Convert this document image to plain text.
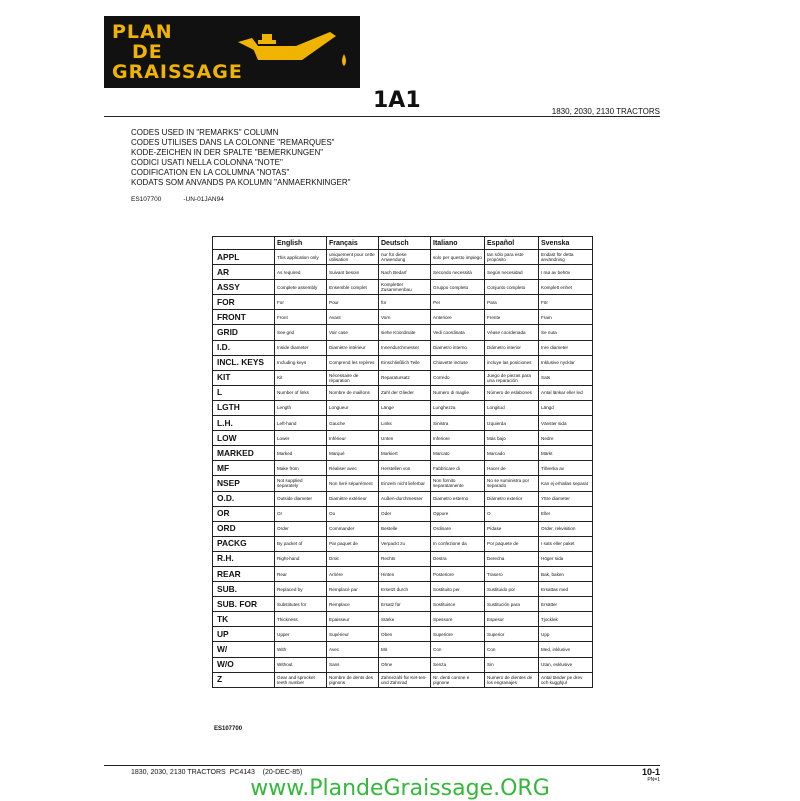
PLAN
DE
GRAISSAGE
1A1	1830, 2030, 2130 TRACTORS
CODES USED IN "REMARKS" COLUMN
CODES UTILISES DANS LA COLONNE "REMARQUES"
KODE-ZEICHEN IN DER SPALTE "BEMERKUNGEN"
CODICI USATI NELLA COLONNA "NOTE"
CODIFICATION EN LA COLUMNA "NOTAS"
KODATS SOM ANVANDS PA KOLUMN "ANMAERKNINGER"
ES107700	-UN-01JAN94
	English	Français	Deutsch	Italiano	Español	Svenska
APPL	This application only	uniquement pour cette utilisation	nur für diese Anwendung	solo per questo impiego	tan sólo para este propósito	Endast för detta användning
AR	As required	Suivant besoin	Nach Bedarf	Secondo necessità	Según necesidad	I mø av behöv
ASSY	Complete assembly	Ensemble complet	Kompletter Zusammenbau	Gruppo completo	Conjunto completo	Komplett enhet
FOR	For	Pour	für	Per	Para	För
FRONT	Front	Avant	Vorn	Anteriore	Frente	Fram
GRID	See grid	Voir case	siehe Koordinate	Vedi coordinata	Véase coordenada	Se nuta
I.D.	Inside diameter	Diamètre intérieur	Innendurchmesser	Diametro interno	Diámetro interior	Inre diameter
INCL. KEYS	Including keys	Comprend les repères	Einschließlich Teile	Chiavette incluse	incluye las posiciones	Inklusive nycklar
KIT	Kit	Nécessaire de réparation	Reparatursatz	Corredo	Juego de piezas para una reparación	Sats
L	Number of links	Nombre de maillons	Zahl der Glieder	Numero di maglie	Número de eslabones	Antal länkar eller led
LGTH	Length	Longueur	Länge	Lunghezza	Longitud	Längd
L.H.	Left-hand	Gauche	Links	Sinistra	Izquierda	Vänster sida
LOW	Lower	Inférieur	Unten	Inferiore	Más bajo	Nedre
MARKED	Marked	Marqué	Markiert	Marcato	Marcado	Märkt
MF	Make from	Réaliser avec	Herstellen von	Fabbricare di	Hacer de	Tillverka av
NSEP	Not supplied separately	Non livré séparément	Einzeln nicht lieferbar	Non fornito separatamente	No se suministra por separado	Kan ej erhallas separat
O.D.	Outside diameter	Diamètre extérieur	Außen-durchmesser	Diametro esterno	Diámetro exterior	Yttre diameter
OR	Or	Ou	Oder	Oppure	O	Eller
ORD	Order	Commander	Bestelle	Ordinare	Pídase	Order, rekvisition
PACKG	By packet of	Par paquet de	Verpackt zu	In confezione da	Por paquete de	I sats eller paket
R.H.	Right-hand	Droit	Rechts	Destra	Derecha	Höger sida
REAR	Rear	Arrière	Hinten	Posteriore	Trasero	Bak, baken
SUB.	Replaced by	Remplacé par	Ersetzt durch	Sostituito per	Sustituido por	Ersattas med
SUB. FOR	Substitutes for	Remplace	Ersatz für	Sostituisce	Sustitución para	Ersätter
TK	Thickness	Epaisseur	Stärke	Spessore	Espesor	Tjocklek
UP	Upper	Supérieur	Oben	Superiore	Superior	Upp
W/	With	Avec	Mit	Con	Con	Med, inklusive
W/O	Without	Sans	Ohne	Senza	Sin	Utan, exklusive
Z	Gear and sprocket teeth number	Nombre de dents des pignons	Zahnezahl für Ket-ten- und Zahnrad	Nr. denti corone e pignone	Numero de dientes de los engranajes	Antal tänder pe drev och kugghjul
ES107700
1830, 2030, 2130 TRACTORS PC4143 (20-DEC-85)	10-1
PN=1
www.PlandeGraissage.ORG
